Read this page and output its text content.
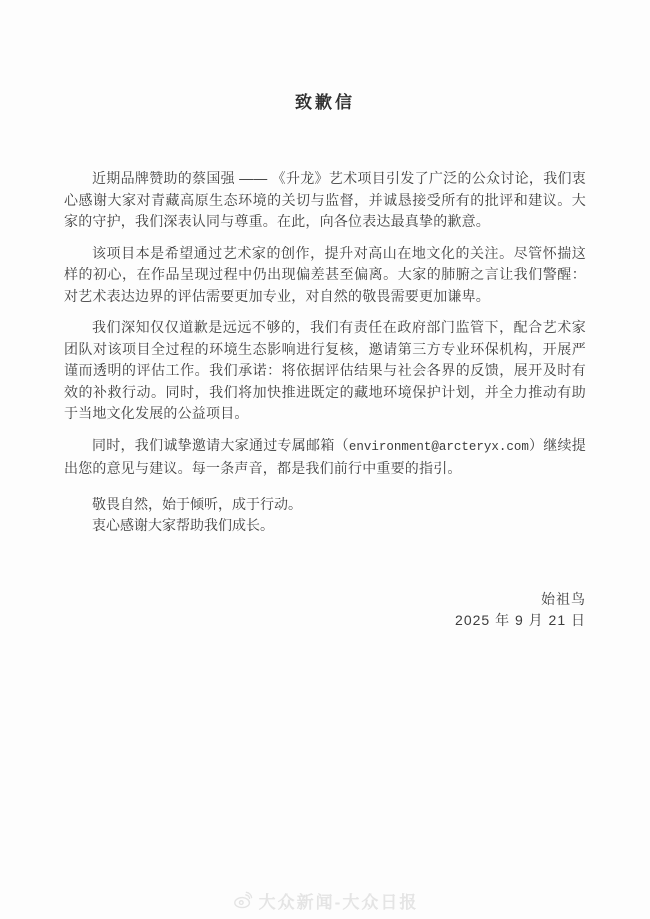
致歉信

近期品牌赞助的蔡国强 —— 《升龙》艺术项目引发了广泛的公众讨论，我们衷心感谢大家对青藏高原生态环境的关切与监督，并诚恳接受所有的批评和建议。大家的守护，我们深表认同与尊重。在此，向各位表达最真挚的歉意。

该项目本是希望通过艺术家的创作，提升对高山在地文化的关注。尽管怀揣这样的初心，在作品呈现过程中仍出现偏差甚至偏离。大家的肺腑之言让我们警醒：对艺术表达边界的评估需要更加专业，对自然的敬畏需要更加谦卑。

我们深知仅仅道歉是远远不够的，我们有责任在政府部门监管下，配合艺术家团队对该项目全过程的环境生态影响进行复核，邀请第三方专业环保机构，开展严谨而透明的评估工作。我们承诺：将依据评估结果与社会各界的反馈，展开及时有效的补救行动。同时，我们将加快推进既定的藏地环境保护计划，并全力推动有助于当地文化发展的公益项目。

同时，我们诚挚邀请大家通过专属邮箱（environment@arcteryx.com）继续提出您的意见与建议。每一条声音，都是我们前行中重要的指引。

敬畏自然，始于倾听，成于行动。

衷心感谢大家帮助我们成长。

始祖鸟

2025 年 9 月 21 日

大众新闻-大众日报
